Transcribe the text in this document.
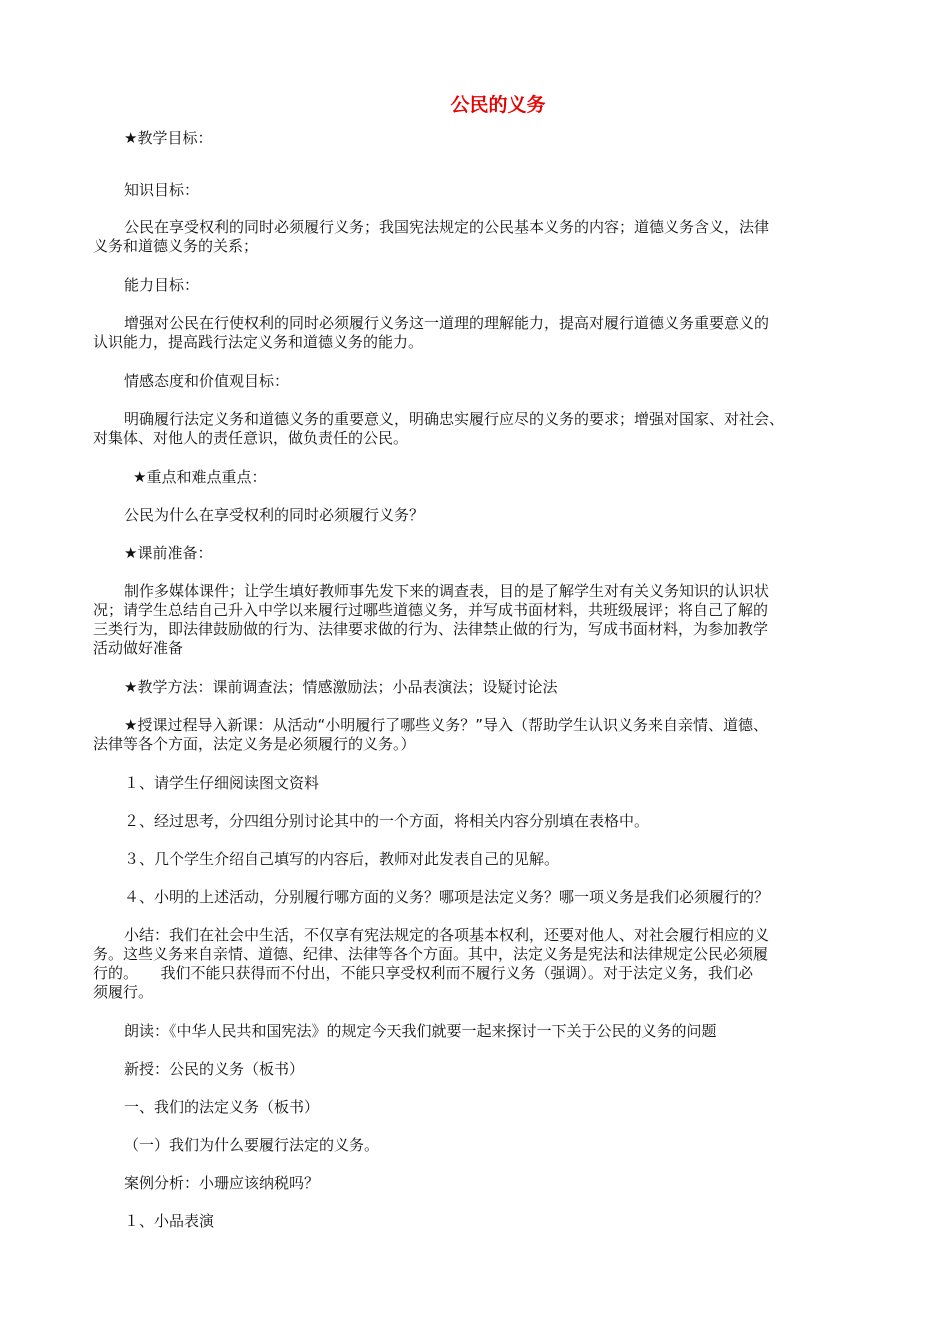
公民的义务

★教学目标：

知识目标：

公民在享受权利的同时必须履行义务；我国宪法规定的公民基本义务的内容；道德义务含义，法律
义务和道德义务的关系；

能力目标：

增强对公民在行使权利的同时必须履行义务这一道理的理解能力，提高对履行道德义务重要意义的
认识能力，提高践行法定义务和道德义务的能力。

情感态度和价值观目标：

明确履行法定义务和道德义务的重要意义，明确忠实履行应尽的义务的要求；增强对国家、对社会、
对集体、对他人的责任意识，做负责任的公民。

★重点和难点重点：

公民为什么在享受权利的同时必须履行义务？

★课前准备：

制作多媒体课件；让学生填好教师事先发下来的调查表，目的是了解学生对有关义务知识的认识状
况；请学生总结自己升入中学以来履行过哪些道德义务，并写成书面材料，共班级展评；将自己了解的
三类行为，即法律鼓励做的行为、法律要求做的行为、法律禁止做的行为，写成书面材料，为参加教学
活动做好准备

★教学方法：课前调查法；情感激励法；小品表演法；设疑讨论法

★授课过程导入新课：从活动“小明履行了哪些义务？”导入（帮助学生认识义务来自亲情、道德、
法律等各个方面，法定义务是必须履行的义务。）

１、请学生仔细阅读图文资料

２、经过思考，分四组分别讨论其中的一个方面，将相关内容分别填在表格中。

３、几个学生介绍自己填写的内容后，教师对此发表自己的见解。

４、小明的上述活动，分别履行哪方面的义务？哪项是法定义务？哪一项义务是我们必须履行的？

小结：我们在社会中生活，不仅享有宪法规定的各项基本权利，还要对他人、对社会履行相应的义
务。这些义务来自亲情、道德、纪律、法律等各个方面。其中，法定义务是宪法和法律规定公民必须履
行的。　　我们不能只获得而不付出，不能只享受权利而不履行义务（强调）。对于法定义务，我们必
须履行。

朗读：《中华人民共和国宪法》的规定今天我们就要一起来探讨一下关于公民的义务的问题

新授：公民的义务（板书）

一、我们的法定义务（板书）

（一）我们为什么要履行法定的义务。

案例分析：小珊应该纳税吗？

１、小品表演
